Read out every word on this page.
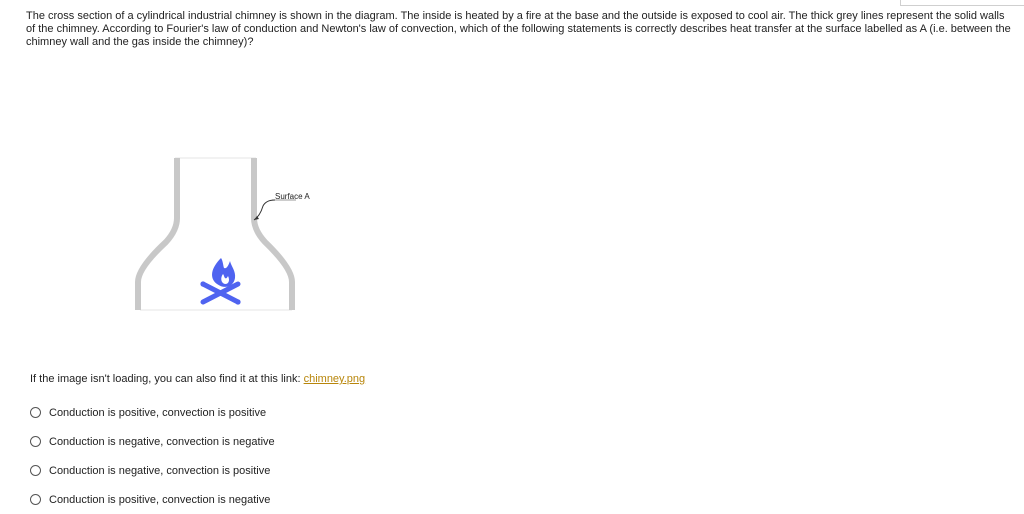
The cross section of a cylindrical industrial chimney is shown in the diagram. The inside is heated by a fire at the base and the outside is exposed to cool air. The thick grey lines represent the solid walls of the chimney. According to Fourier's law of conduction and Newton's law of convection, which of the following statements is correctly describes heat transfer at the surface labelled as A (i.e. between the chimney wall and the gas inside the chimney)?
Surface A
If the image isn't loading, you can also find it at this link: chimney.png
Conduction is positive, convection is positive
Conduction is negative, convection is negative
Conduction is negative, convection is positive
Conduction is positive, convection is negative
